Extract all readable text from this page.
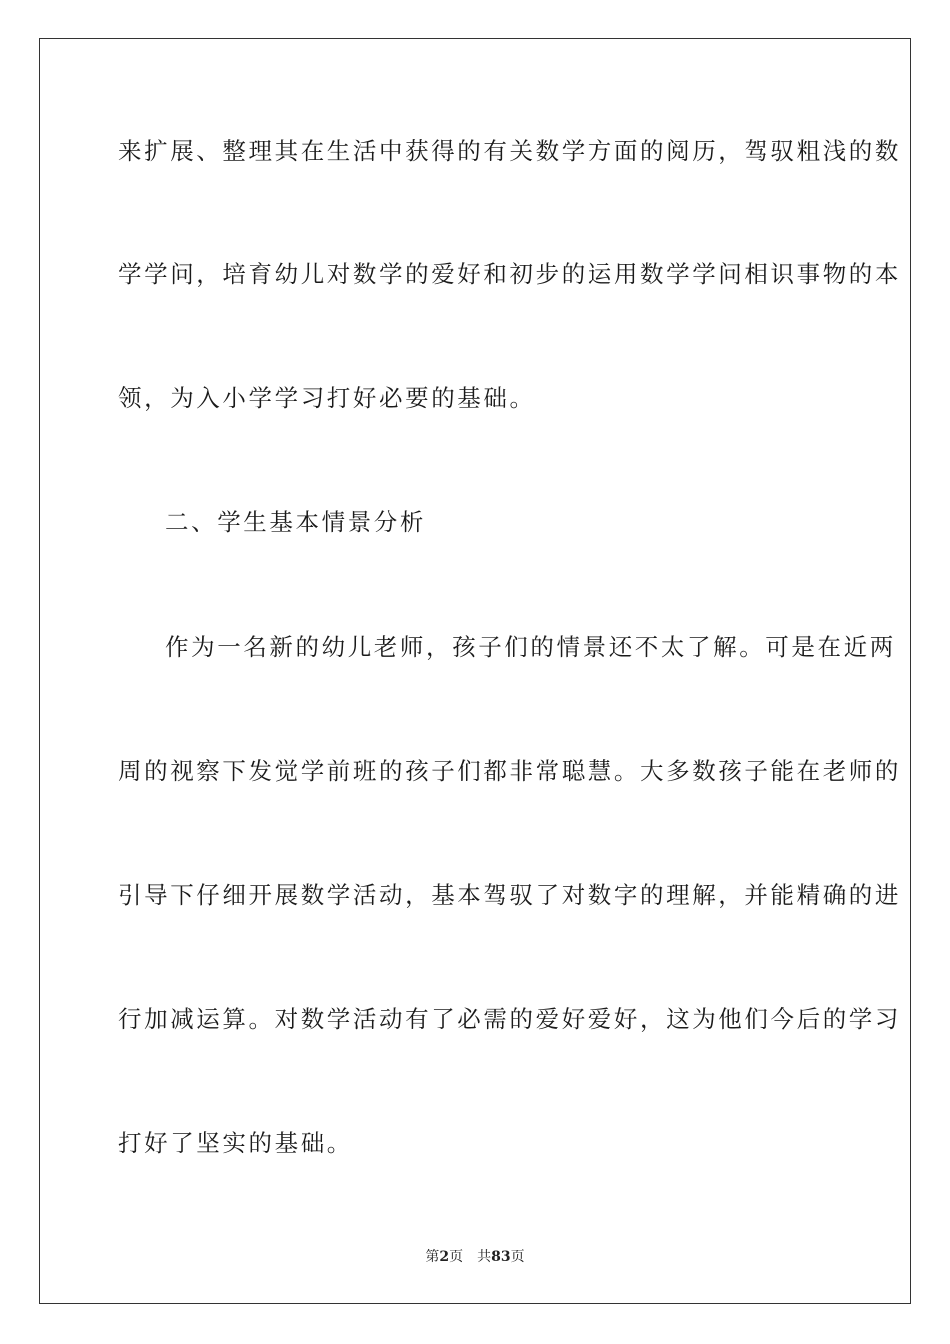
来扩展、整理其在生活中获得的有关数学方面的阅历，驾驭粗浅的数
学学问，培育幼儿对数学的爱好和初步的运用数学学问相识事物的本
领，为入小学学习打好必要的基础。
二、学生基本情景分析
作为一名新的幼儿老师，孩子们的情景还不太了解。可是在近两
周的视察下发觉学前班的孩子们都非常聪慧。大多数孩子能在老师的
引导下仔细开展数学活动，基本驾驭了对数字的理解，并能精确的进
行加减运算。对数学活动有了必需的爱好爱好，这为他们今后的学习
打好了坚实的基础。
第2页 共83页
